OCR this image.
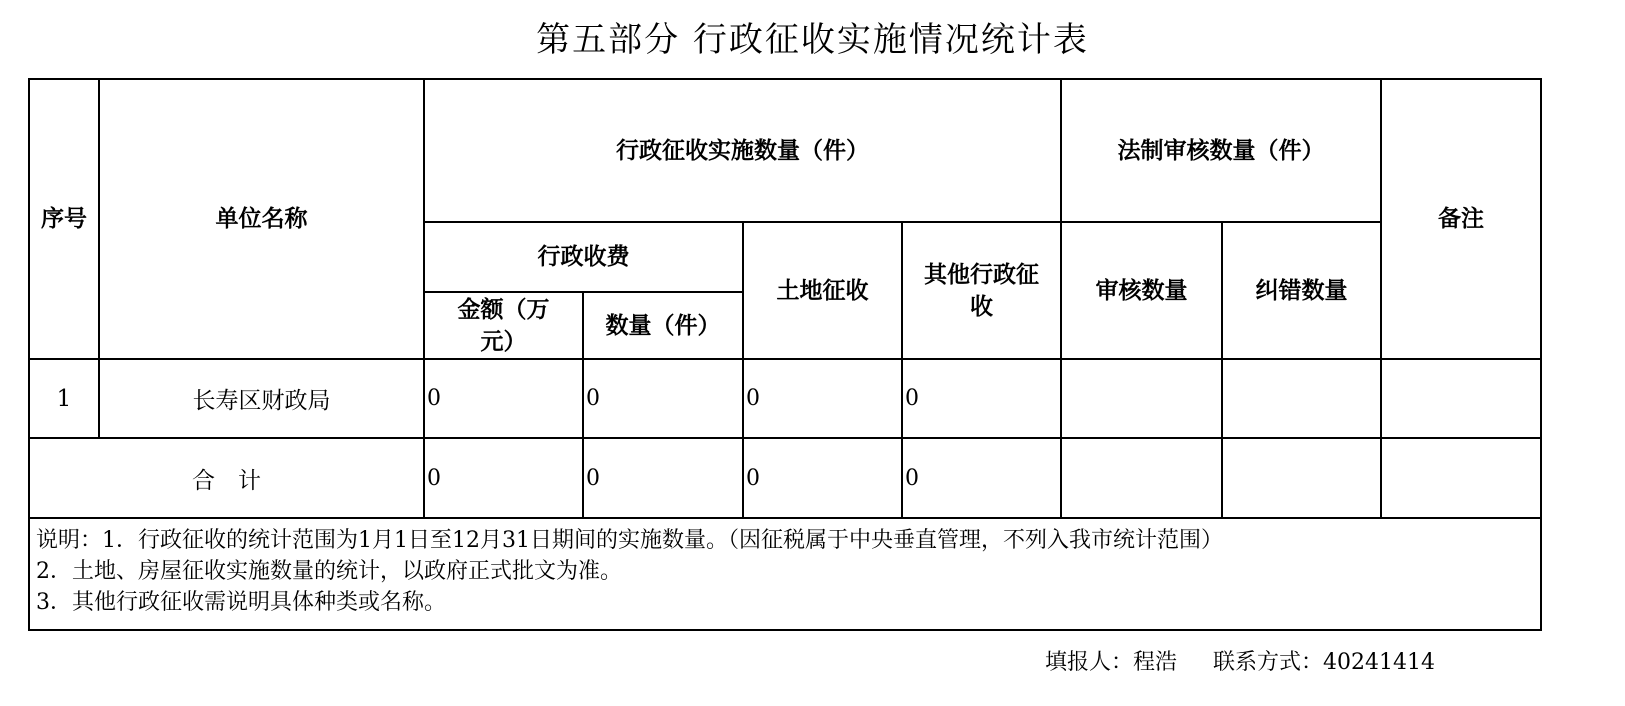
第五部分 行政征收实施情况统计表
序号	单位名称	行政征收实施数量（件）				法制审核数量（件）		备注
		行政收费		土地征收	其他行政征收	审核数量	纠错数量	
		金额（万元）	数量（件）					
1	长寿区财政局	0	0	0	0			
合　计		0	0	0	0			

说明：1．行政征收的统计范围为1月1日至12月31日期间的实施数量。（因征税属于中央垂直管理，不列入我市统计范围）
2．土地、房屋征收实施数量的统计，以政府正式批文为准。
3．其他行政征收需说明具体种类或名称。								
填报人：程浩 联系方式：40241414
